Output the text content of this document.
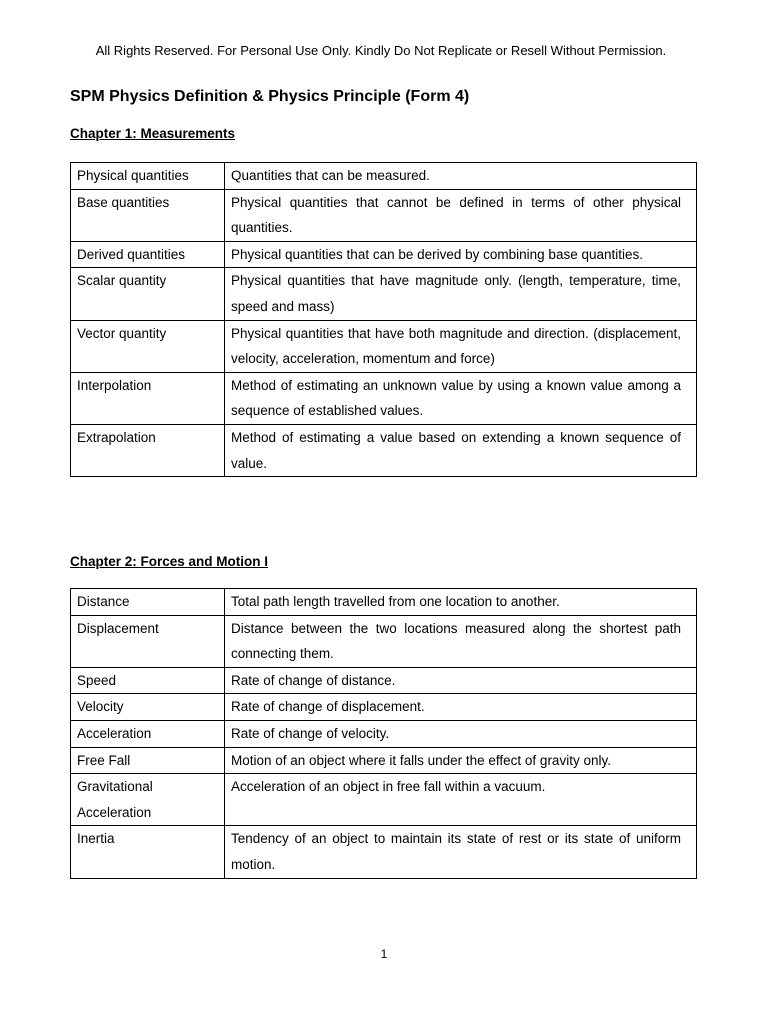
All Rights Reserved. For Personal Use Only. Kindly Do Not Replicate or Resell Without Permission.
SPM Physics Definition & Physics Principle (Form 4)
Chapter 1: Measurements
Physical quantities	Quantities that can be measured.
Base quantities	Physical quantities that cannot be defined in terms of other physical quantities.
Derived quantities	Physical quantities that can be derived by combining base quantities.
Scalar quantity	Physical quantities that have magnitude only. (length, temperature, time, speed and mass)
Vector quantity	Physical quantities that have both magnitude and direction. (displacement, velocity, acceleration, momentum and force)
Interpolation	Method of estimating an unknown value by using a known value among a sequence of established values.
Extrapolation	Method of estimating a value based on extending a known sequence of value.
Chapter 2: Forces and Motion I
Distance	Total path length travelled from one location to another.
Displacement	Distance between the two locations measured along the shortest path connecting them.
Speed	Rate of change of distance.
Velocity	Rate of change of displacement.
Acceleration	Rate of change of velocity.
Free Fall	Motion of an object where it falls under the effect of gravity only.
Gravitational Acceleration	Acceleration of an object in free fall within a vacuum.
Inertia	Tendency of an object to maintain its state of rest or its state of uniform motion.
1
